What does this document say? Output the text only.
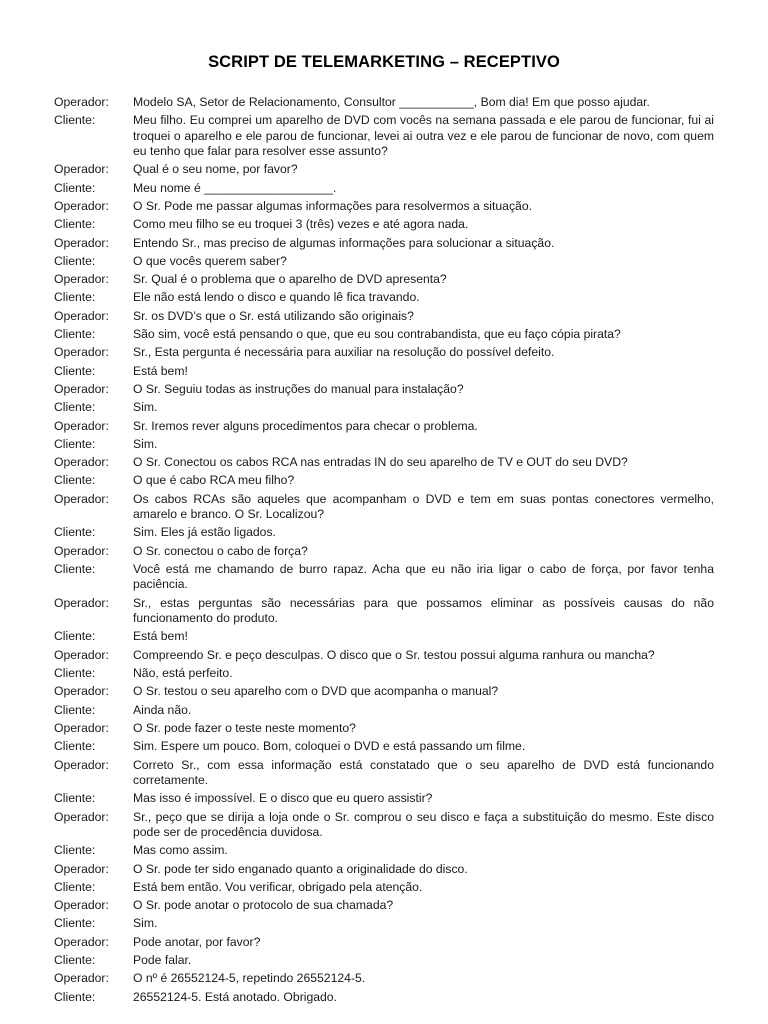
SCRIPT DE TELEMARKETING – RECEPTIVO
Operador:	Modelo SA, Setor de Relacionamento, Consultor ___________, Bom dia! Em que posso ajudar.
Cliente:	Meu filho. Eu comprei um aparelho de DVD com vocês na semana passada e ele parou de funcionar, fui ai troquei o aparelho e ele parou de funcionar, levei ai outra vez e ele parou de funcionar de novo, com quem eu tenho que falar para resolver esse assunto?
Operador:	Qual é o seu nome, por favor?
Cliente:	Meu nome é ___________________.
Operador:	O Sr. Pode me passar algumas informações para resolvermos a situação.
Cliente:	Como meu filho se eu troquei 3 (três) vezes e até agora nada.
Operador:	Entendo Sr., mas preciso de algumas informações para solucionar a situação.
Cliente:	O que vocês querem saber?
Operador:	Sr. Qual é o problema que o aparelho de DVD apresenta?
Cliente:	Ele não está lendo o disco e quando lê fica travando.
Operador:	Sr. os DVD’s que o Sr. está utilizando são originais?
Cliente:	São sim, você está pensando o que, que eu sou contrabandista, que eu faço cópia pirata?
Operador:	Sr., Esta pergunta é necessária para auxiliar na resolução do possível defeito.
Cliente:	Está bem!
Operador:	O Sr. Seguiu todas as instruções do manual para instalação?
Cliente:	Sim.
Operador:	Sr. Iremos rever alguns procedimentos para checar o problema.
Cliente:	Sim.
Operador:	O Sr. Conectou os cabos RCA nas entradas IN do seu aparelho de TV e OUT do seu DVD?
Cliente:	O que é cabo RCA meu filho?
Operador:	Os cabos RCAs são aqueles que acompanham o DVD e tem em suas pontas conectores vermelho, amarelo e branco. O Sr. Localizou?
Cliente:	Sim. Eles já estão ligados.
Operador:	O Sr. conectou o cabo de força?
Cliente:	Você está me chamando de burro rapaz. Acha que eu não iria ligar o cabo de força, por favor tenha paciência.
Operador:	Sr., estas perguntas são necessárias para que possamos eliminar as possíveis causas do não funcionamento do produto.
Cliente:	Está bem!
Operador:	Compreendo Sr. e peço desculpas. O disco que o Sr. testou possui alguma ranhura ou mancha?
Cliente:	Não, está perfeito.
Operador:	O Sr. testou o seu aparelho com o DVD que acompanha o manual?
Cliente:	Ainda não.
Operador:	O Sr. pode fazer o teste neste momento?
Cliente:	Sim. Espere um pouco. Bom, coloquei o DVD e está passando um filme.
Operador:	Correto Sr., com essa informação está constatado que o seu aparelho de DVD está funcionando corretamente.
Cliente:	Mas isso é impossível. E o disco que eu quero assistir?
Operador:	Sr., peço que se dirija a loja onde o Sr. comprou o seu disco e faça a substituição do mesmo. Este disco pode ser de procedência duvidosa.
Cliente:	Mas como assim.
Operador:	O Sr. pode ter sido enganado quanto a originalidade do disco.
Cliente:	Está bem então. Vou verificar, obrigado pela atenção.
Operador:	O Sr. pode anotar o protocolo de sua chamada?
Cliente:	Sim.
Operador:	Pode anotar, por favor?
Cliente:	Pode falar.
Operador:	O nº é 26552124-5, repetindo 26552124-5.
Cliente:	26552124-5. Está anotado. Obrigado.
